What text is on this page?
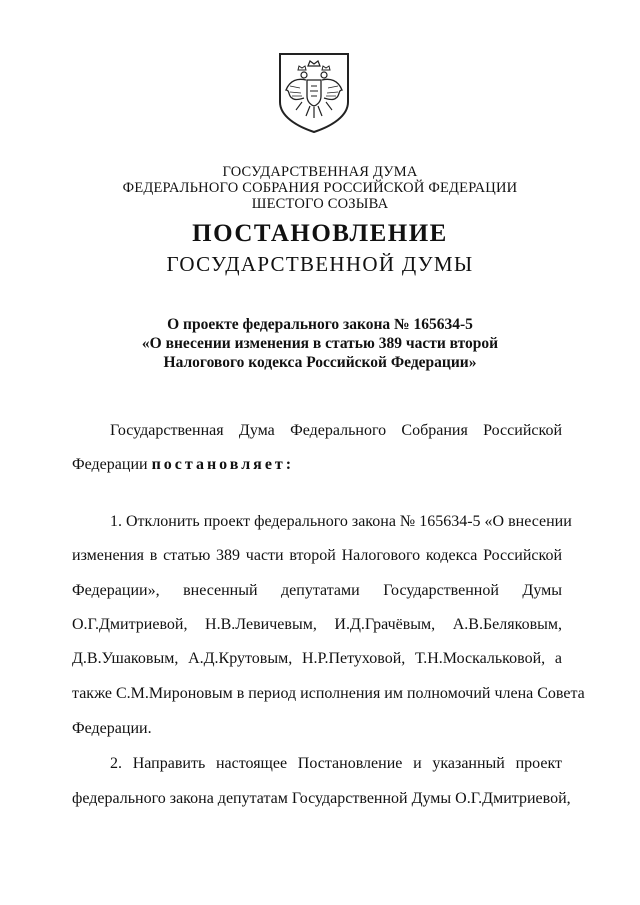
ГОСУДАРСТВЕННАЯ ДУМА
ФЕДЕРАЛЬНОГО СОБРАНИЯ РОССИЙСКОЙ ФЕДЕРАЦИИ
ШЕСТОГО СОЗЫВА
ПОСТАНОВЛЕНИЕ
ГОСУДАРСТВЕННОЙ ДУМЫ
О проекте федерального закона № 165634-5
«О внесении изменения в статью 389 части второй
Налогового кодекса Российской Федерации»
Государственная Дума Федерального Собрания Российской
Федерации постановляет:
1. Отклонить проект федерального закона № 165634-5 «О внесении
изменения в статью 389 части второй Налогового кодекса Российской
Федерации», внесенный депутатами Государственной Думы
О.Г.Дмитриевой, Н.В.Левичевым, И.Д.Грачёвым, А.В.Беляковым,
Д.В.Ушаковым, А.Д.Крутовым, Н.Р.Петуховой, Т.Н.Москальковой, а
также С.М.Мироновым в период исполнения им полномочий члена Совета
Федерации.
2. Направить настоящее Постановление и указанный проект
федерального закона депутатам Государственной Думы О.Г.Дмитриевой,
